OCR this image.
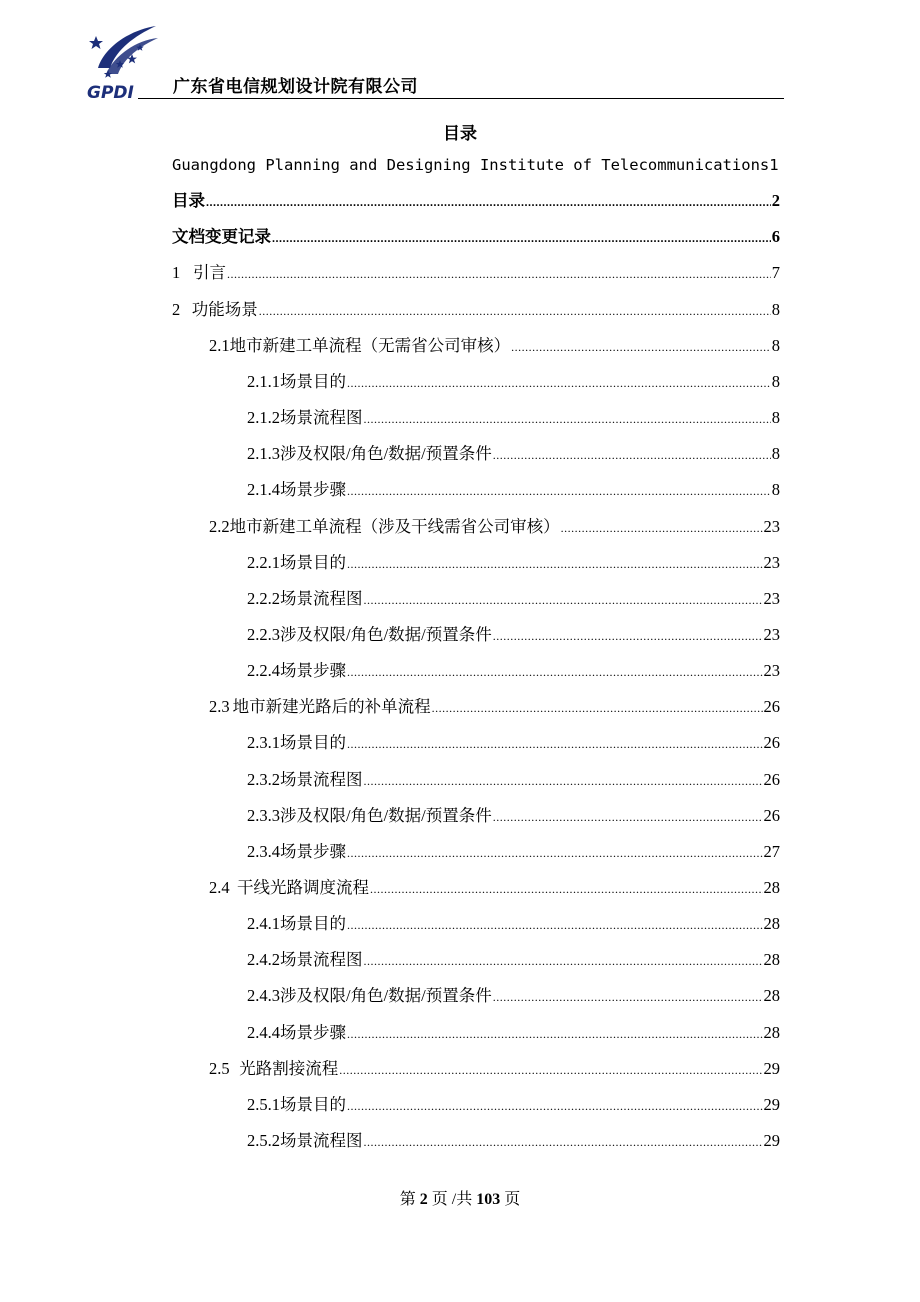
GPDI 广东省电信规划设计院有限公司
目录
Guangdong Planning and Designing Institute of Telecommunications 1
目录 .....	2
文档变更记录 .....	6
1 引言 .....	7
2 功能场景 .....	8
2.1 地市新建工单流程（无需省公司审核） .....	8
2.1.1 场景目的 .....	8
2.1.2 场景流程图 .....	8
2.1.3 涉及权限/角色/数据/预置条件 .....	8
2.1.4 场景步骤 .....	8
2.2 地市新建工单流程（涉及干线需省公司审核） .....	23
2.2.1 场景目的 .....	23
2.2.2 场景流程图 .....	23
2.2.3 涉及权限/角色/数据/预置条件 .....	23
2.2.4 场景步骤 .....	23
2.3 地市新建光路后的补单流程 .....	26
2.3.1 场景目的 .....	26
2.3.2 场景流程图 .....	26
2.3.3 涉及权限/角色/数据/预置条件 .....	26
2.3.4 场景步骤 .....	27
2.4 干线光路调度流程 .....	28
2.4.1 场景目的 .....	28
2.4.2 场景流程图 .....	28
2.4.3 涉及权限/角色/数据/预置条件 .....	28
2.4.4 场景步骤 .....	28
2.5 光路割接流程 .....	29
2.5.1 场景目的 .....	29
2.5.2 场景流程图 .....	29
第 2 页 /共 103 页
